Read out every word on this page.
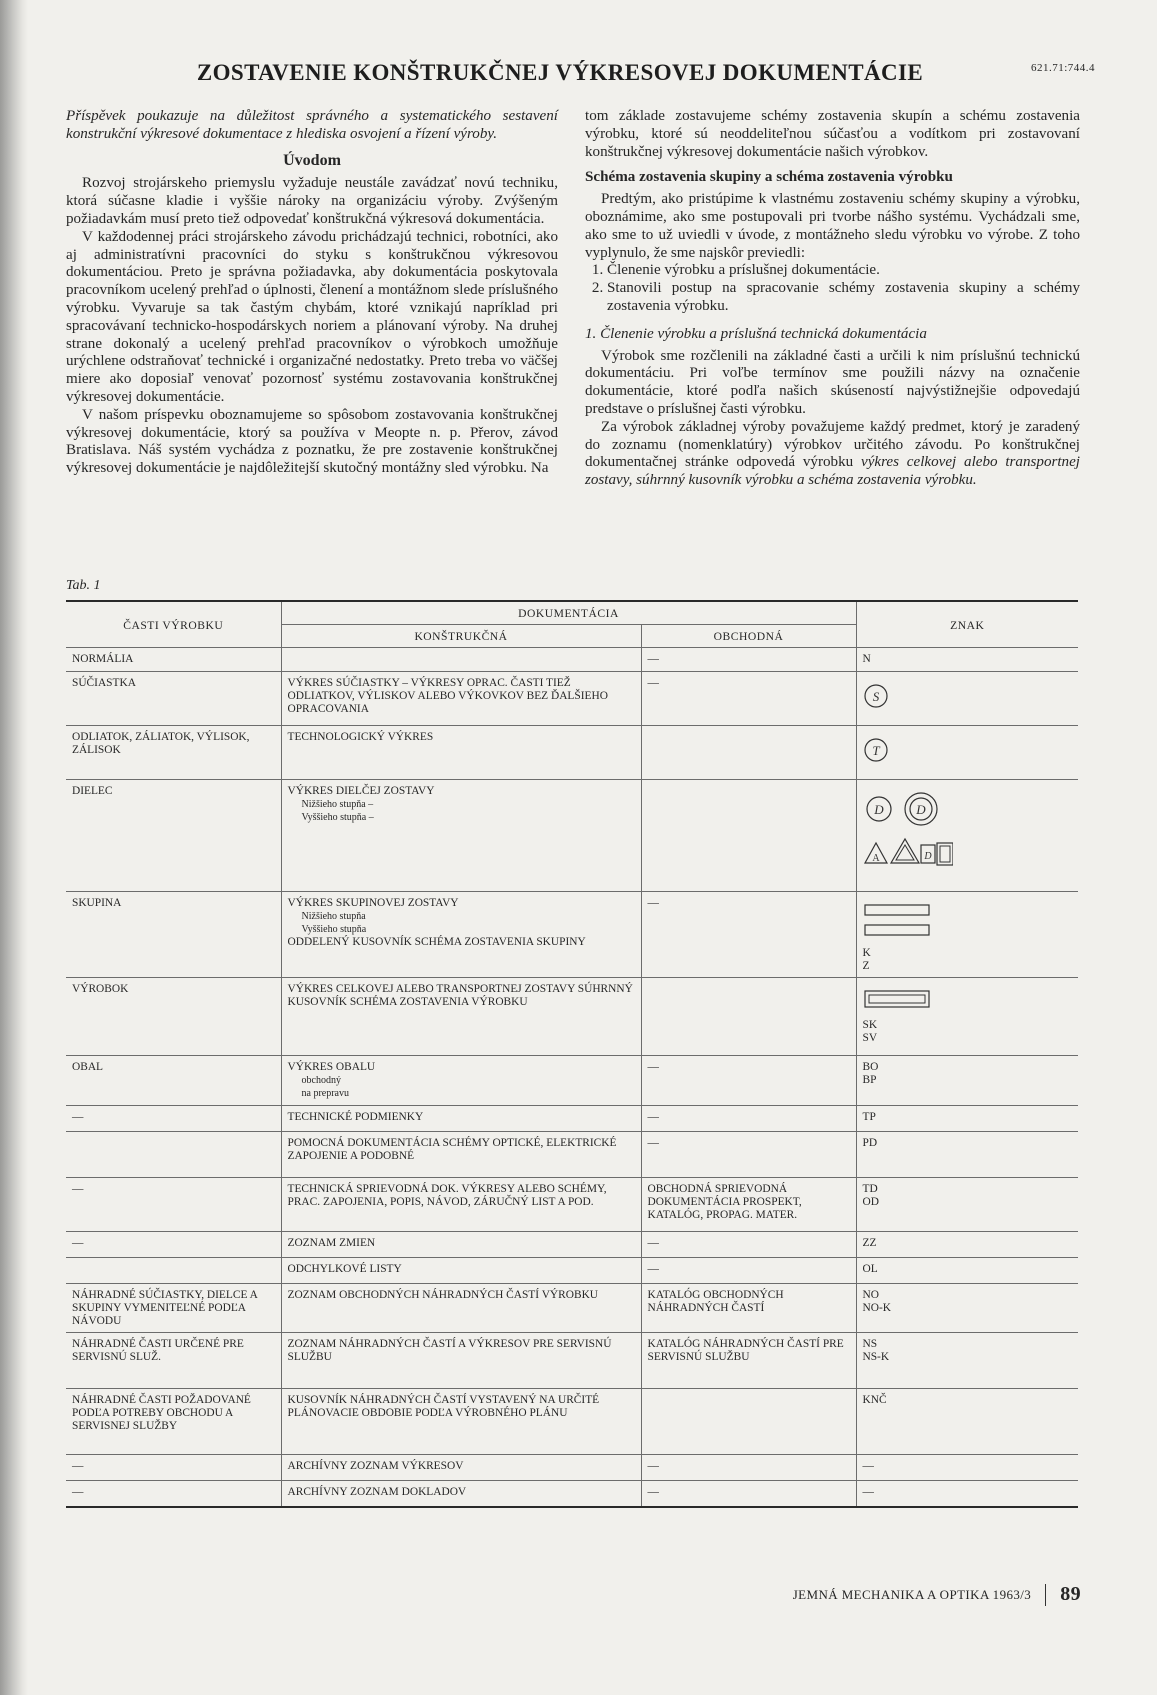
ZOSTAVENIE KONŠTRUKČNEJ VÝKRESOVEJ DOKUMENTÁCIE	621.71:744.4

Příspěvek poukazuje na důležitost správného a systematického sestavení konstrukční výkresové dokumentace z hlediska osvojení a řízení výroby.

Úvodom

Rozvoj strojárskeho priemyslu vyžaduje neustále zavádzať novú techniku, ktorá súčasne kladie i vyššie nároky na organizáciu výroby. Zvýšeným požiadavkám musí preto tiež odpovedať konštrukčná výkresová dokumentácia.

V každodennej práci strojárskeho závodu prichádzajú technici, robotníci, ako aj administratívni pracovníci do styku s konštrukčnou výkresovou dokumentáciou. Preto je správna požiadavka, aby dokumentácia poskytovala pracovníkom ucelený prehľad o úplnosti, členení a montážnom slede príslušného výrobku. Vyvaruje sa tak častým chybám, ktoré vznikajú napríklad pri spracovávaní technicko-hospodárskych noriem a plánovaní výroby. Na druhej strane dokonalý a ucelený prehľad pracovníkov o výrobkoch umožňuje urýchlene odstraňovať technické i organizačné nedostatky. Preto treba vo väčšej miere ako doposiaľ venovať pozornosť systému zostavovania konštrukčnej výkresovej dokumentácie.

V našom príspevku oboznamujeme so spôsobom zostavovania konštrukčnej výkresovej dokumentácie, ktorý sa používa v Meopte n. p. Přerov, závod Bratislava. Náš systém vychádza z poznatku, že pre zostavenie konštrukčnej výkresovej dokumentácie je najdôležitejší skutočný montážny sled výrobku. Na

tom základe zostavujeme schémy zostavenia skupín a schému zostavenia výrobku, ktoré sú neoddeliteľnou súčasťou a vodítkom pri zostavovaní konštrukčnej výkresovej dokumentácie našich výrobkov.

Schéma zostavenia skupiny a schéma zostavenia výrobku

Predtým, ako pristúpime k vlastnému zostaveniu schémy skupiny a výrobku, oboznámime, ako sme postupovali pri tvorbe nášho systému. Vychádzali sme, ako sme to už uviedli v úvode, z montážneho sledu výrobku vo výrobe. Z toho vyplynulo, že sme najskôr previedli:

1. Členenie výrobku a príslušnej dokumentácie.
2. Stanovili postup na spracovanie schémy zostavenia skupiny a schémy zostavenia výrobku.
1. Členenie výrobku a príslušná technická dokumentácia

Výrobok sme rozčlenili na základné časti a určili k nim príslušnú technickú dokumentáciu. Pri voľbe termínov sme použili názvy na označenie dokumentácie, ktoré podľa našich skúseností najvýstižnejšie odpovedajú predstave o príslušnej časti výrobku.

Za výrobok základnej výroby považujeme každý predmet, ktorý je zaradený do zoznamu (nomenklatúry) výrobkov určitého závodu. Po konštrukčnej dokumentačnej stránke odpovedá výrobku výkres celkovej alebo transportnej zostavy, súhrnný kusovník výrobku a schéma zostavenia výrobku.

Tab. 1
ČASTI VÝROBKU	DOKUMENTÁCIA		ZNAK
	KONŠTRUKČNÁ	OBCHODNÁ	
NORMÁLIA		—	N

SÚČIASTKA	VÝKRES SÚČIASTKY – VÝKRESY OPRAC. ČASTI TIEŽ ODLIATKOV, VÝLISKOV ALEBO VÝKOVKOV BEZ ĎALŠIEHO OPRACOVANIA	—	S

ODLIATOK, ZÁLIATOK, VÝLISOK, ZÁLISOK	TECHNOLOGICKÝ VÝKRES		T

DIELEC	VÝKRES DIELČEJ ZOSTAVY
Nižšieho stupňa –
Vyššieho stupňa –		D D
A D

SKUPINA	VÝKRES SKUPINOVEJ ZOSTAVY
Nižšieho stupňa
Vyššieho stupňa
ODDELENÝ KUSOVNÍK SCHÉMA ZOSTAVENIA SKUPINY	—	K
Z

VÝROBOK	VÝKRES CELKOVEJ ALEBO TRANSPORTNEJ ZOSTAVY SÚHRNNÝ KUSOVNÍK SCHÉMA ZOSTAVENIA VÝROBKU		SK
SV

OBAL	VÝKRES OBALU
obchodný
na prepravu	—	BO
BP

—	TECHNICKÉ PODMIENKY	—	TP

	POMOCNÁ DOKUMENTÁCIA SCHÉMY OPTICKÉ, ELEKTRICKÉ ZAPOJENIE A PODOBNÉ	—	PD

—	TECHNICKÁ SPRIEVODNÁ DOK. VÝKRESY ALEBO SCHÉMY, PRAC. ZAPOJENIA, POPIS, NÁVOD, ZÁRUČNÝ LIST A POD.	OBCHODNÁ SPRIEVODNÁ DOKUMENTÁCIA PROSPEKT, KATALÓG, PROPAG. MATER.	TD
OD

—	ZOZNAM ZMIEN	—	ZZ

	ODCHYLKOVÉ LISTY	—	OL

NÁHRADNÉ SÚČIASTKY, DIELCE A SKUPINY VYMENITEĽNÉ PODĽA NÁVODU	ZOZNAM OBCHODNÝCH NÁHRADNÝCH ČASTÍ VÝROBKU	KATALÓG OBCHODNÝCH NÁHRADNÝCH ČASTÍ	NO
NO-K

NÁHRADNÉ ČASTI URČENÉ PRE SERVISNÚ SLUŽ.	ZOZNAM NÁHRADNÝCH ČASTÍ A VÝKRESOV PRE SERVISNÚ SLUŽBU	KATALÓG NÁHRADNÝCH ČASTÍ PRE SERVISNÚ SLUŽBU	NS
NS-K

NÁHRADNÉ ČASTI POŽADOVANÉ PODĽA POTREBY OBCHODU A SERVISNEJ SLUŽBY	KUSOVNÍK NÁHRADNÝCH ČASTÍ VYSTAVENÝ NA URČITÉ PLÁNOVACIE OBDOBIE PODĽA VÝROBNÉHO PLÁNU		KNČ

—	ARCHÍVNY ZOZNAM VÝKRESOV	—	—

—	ARCHÍVNY ZOZNAM DOKLADOV	—	—
JEMNÁ MECHANIKA A OPTIKA 1963/3 89
